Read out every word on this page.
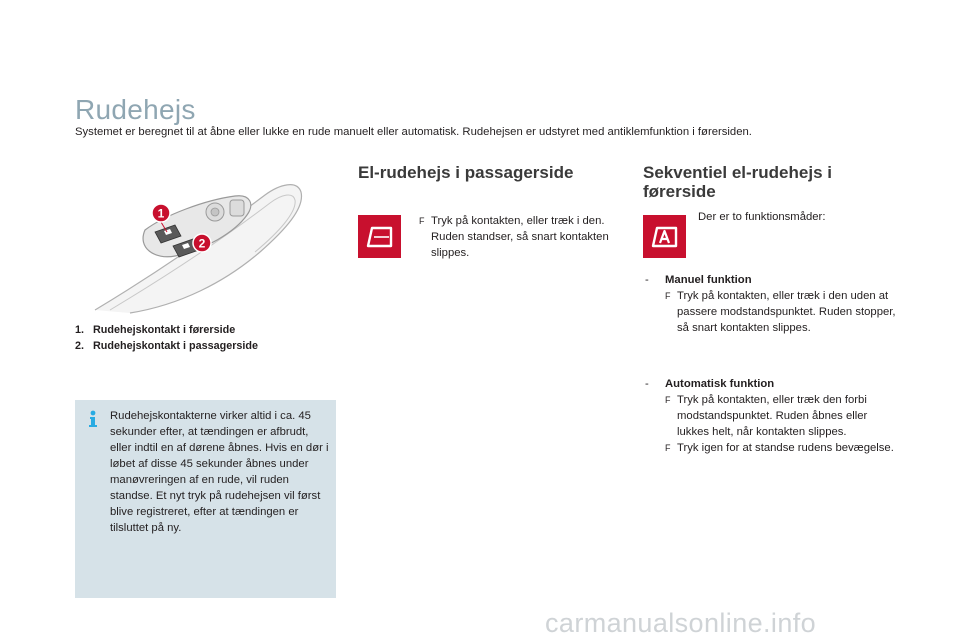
Rudehejs
Systemet er beregnet til at åbne eller lukke en rude manuelt eller automatisk. Rudehejsen er udstyret med antiklemfunktion i førersiden.
1
2
1.   Rudehejskontakt i førerside
2.   Rudehejskontakt i passagerside
Rudehejskontakterne virker altid i ca. 45 sekunder efter, at tændingen er afbrudt, eller indtil en af dørene åbnes. Hvis en dør i løbet af disse 45 sekunder åbnes under manøvreringen af en rude, vil ruden standse. Et nyt tryk på rudehejsen vil først blive registreret, efter at tændingen er tilsluttet på ny.
El-rudehejs i passagerside
F Tryk på kontakten, eller træk i den. Ruden standser, så snart kontakten slippes.
Sekventiel el-rudehejs i
førerside
Der er to funktionsmåder:
- Manuel funktion
F Tryk på kontakten, eller træk i den uden at passere modstandspunktet. Ruden stopper, så snart kontakten slippes.
- Automatisk funktion
F Tryk på kontakten, eller træk den forbi modstandspunktet. Ruden åbnes eller lukkes helt, når kontakten slippes.
F Tryk igen for at standse rudens bevægelse.
carmanualsonline.info
